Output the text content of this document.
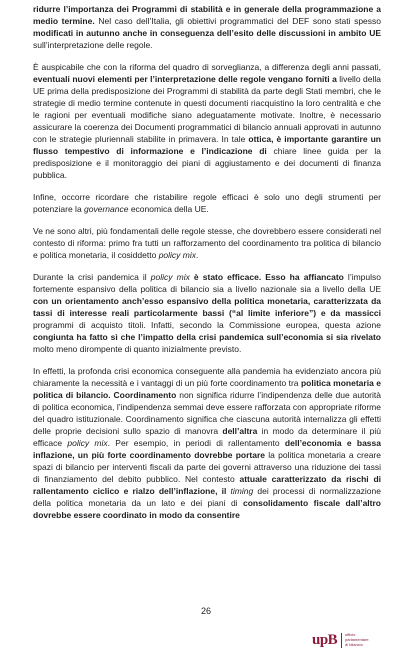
ridurre l’importanza dei Programmi di stabilità e in generale della programmazione a medio termine. Nel caso dell’Italia, gli obiettivi programmatici del DEF sono stati spesso modificati in autunno anche in conseguenza dell’esito delle discussioni in ambito UE sull’interpretazione delle regole.

È auspicabile che con la riforma del quadro di sorveglianza, a differenza degli anni passati, eventuali nuovi elementi per l’interpretazione delle regole vengano forniti a livello della UE prima della predisposizione dei Programmi di stabilità da parte degli Stati membri, che le strategie di medio termine contenute in questi documenti riacquistino la loro centralità e che le ragioni per eventuali modifiche siano adeguatamente motivate. Inoltre, è necessario assicurare la coerenza dei Documenti programmatici di bilancio annuali approvati in autunno con le strategie pluriennali stabilite in primavera. In tale ottica, è importante garantire un flusso tempestivo di informazione e l’indicazione di chiare linee guida per la predisposizione e il monitoraggio dei piani di aggiustamento e dei documenti di finanza pubblica.

Infine, occorre ricordare che ristabilire regole efficaci è solo uno degli strumenti per potenziare la governance economica della UE.

Ve ne sono altri, più fondamentali delle regole stesse, che dovrebbero essere considerati nel contesto di riforma: primo fra tutti un rafforzamento del coordinamento tra politica di bilancio e politica monetaria, il cosiddetto policy mix.

Durante la crisi pandemica il policy mix è stato efficace. Esso ha affiancato l’impulso fortemente espansivo della politica di bilancio sia a livello nazionale sia a livello della UE con un orientamento anch’esso espansivo della politica monetaria, caratterizzata da tassi di interesse reali particolarmente bassi (“al limite inferiore”) e da massicci programmi di acquisto titoli. Infatti, secondo la Commissione europea, questa azione congiunta ha fatto sì che l’impatto della crisi pandemica sull’economia si sia rivelato molto meno dirompente di quanto inizialmente previsto.

In effetti, la profonda crisi economica conseguente alla pandemia ha evidenziato ancora più chiaramente la necessità e i vantaggi di un più forte coordinamento tra politica monetaria e politica di bilancio. Coordinamento non significa ridurre l’indipendenza delle due autorità di politica economica, l’indipendenza semmai deve essere rafforzata con appropriate riforme del quadro istituzionale. Coordinamento significa che ciascuna autorità internalizza gli effetti delle proprie decisioni sullo spazio di manovra dell’altra in modo da determinare il più efficace policy mix. Per esempio, in periodi di rallentamento dell’economia e bassa inflazione, un più forte coordinamento dovrebbe portare la politica monetaria a creare spazi di bilancio per interventi fiscali da parte dei governi attraverso una riduzione dei tassi di finanziamento del debito pubblico. Nel contesto attuale caratterizzato da rischi di rallentamento ciclico e rialzo dell’inflazione, il timing dei processi di normalizzazione della politica monetaria da un lato e dei piani di consolidamento fiscale dall’altro dovrebbe essere coordinato in modo da consentire

26
upB ufficio
parlamentare
di bilancio
